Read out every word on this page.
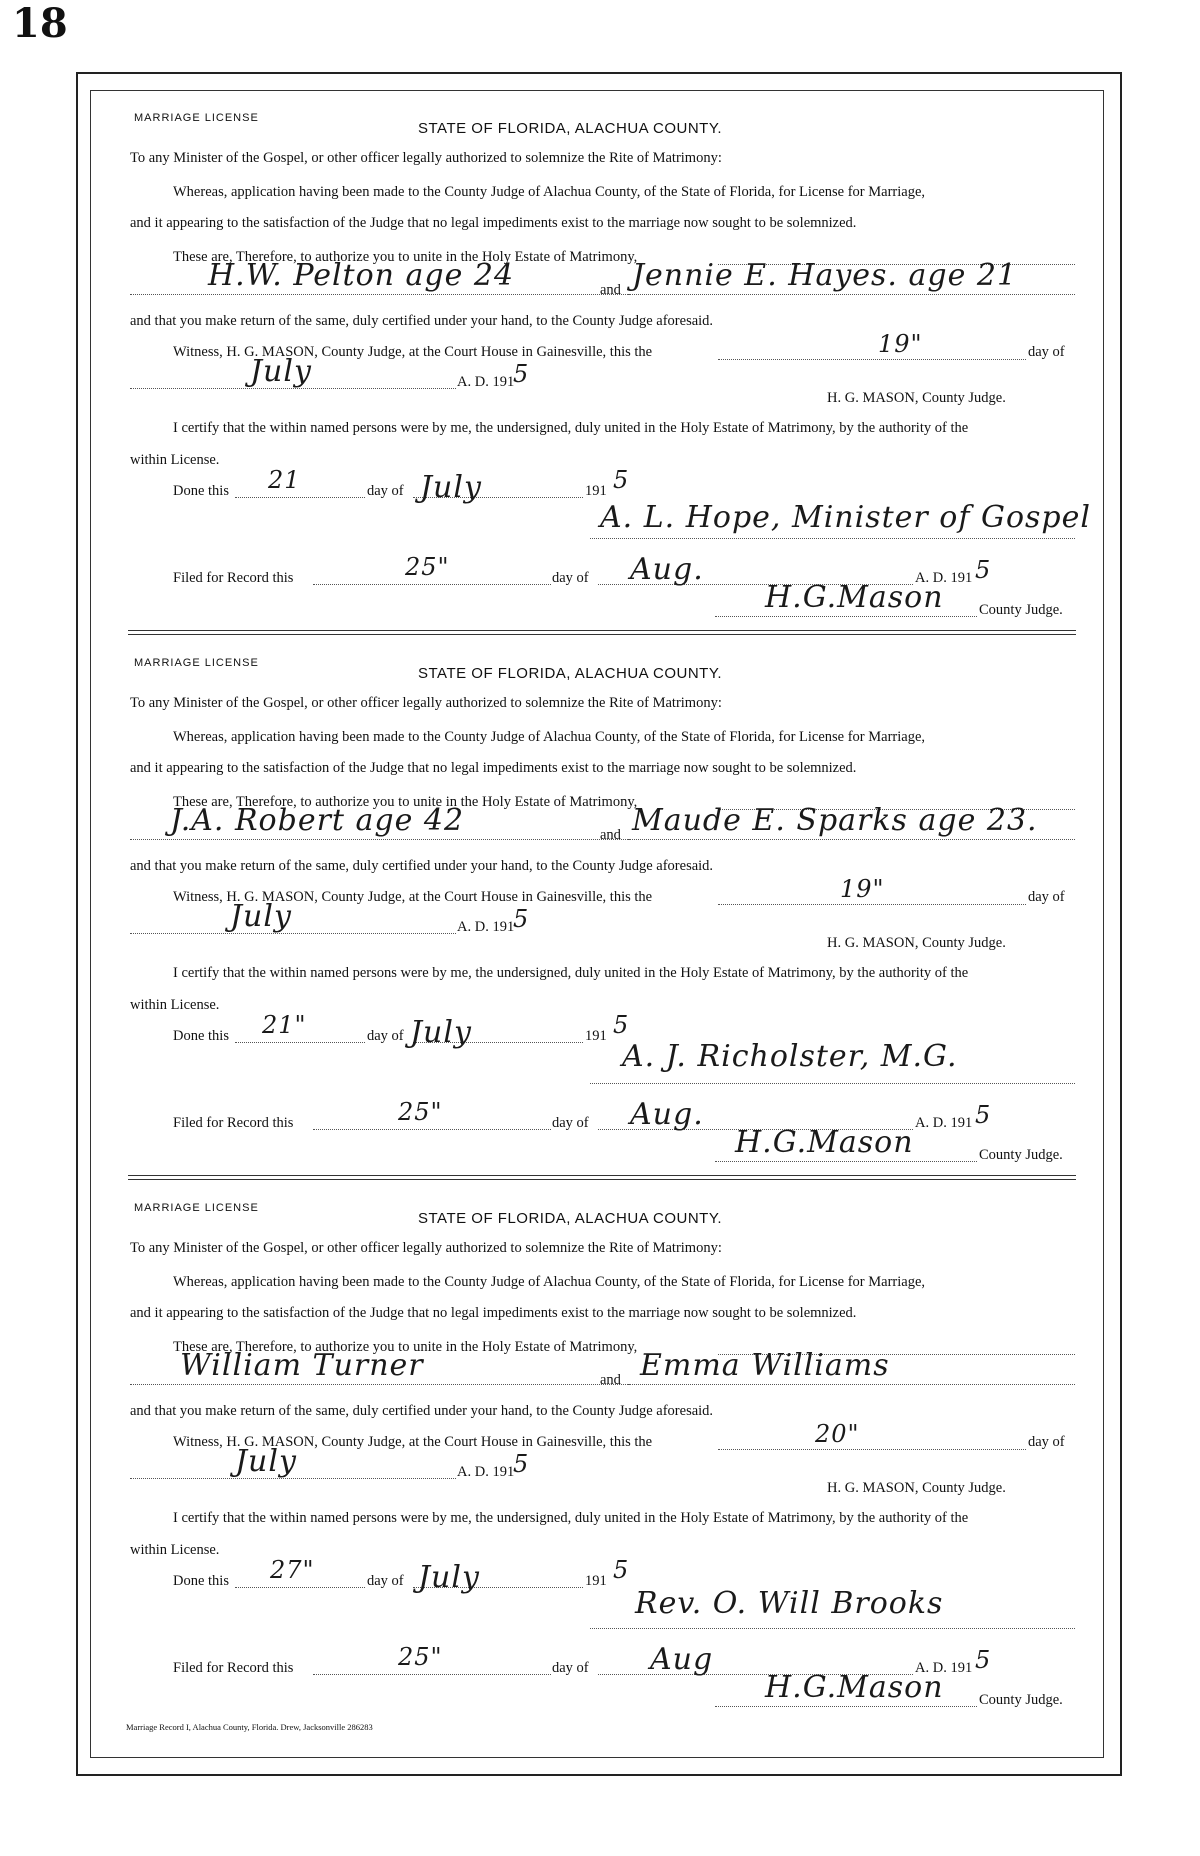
18
MARRIAGE LICENSE
STATE OF FLORIDA, ALACHUA COUNTY.
To any Minister of the Gospel, or other officer legally authorized to solemnize the Rite of Matrimony:
Whereas, application having been made to the County Judge of Alachua County, of the State of Florida, for License for Marriage,
and it appearing to the satisfaction of the Judge that no legal impediments exist to the marriage now sought to be solemnized.
These are, Therefore, to authorize you to unite in the Holy Estate of Matrimony,
H.W. Pelton age 24	and Jennie E. Hayes. age 21
and that you make return of the same, duly certified under your hand, to the County Judge aforesaid.
Witness, H. G. MASON, County Judge, at the Court House in Gainesville, this the	19"	day of
July	A. D. 191
5
H. G. MASON, County Judge.
I certify that the within named persons were by me, the undersigned, duly united in the Holy Estate of Matrimony, by the authority of the
within License.
Done this 21	day of July	191 5
A. L. Hope, Minister of Gospel
Filed for Record this	25"	day of Aug.	A. D. 191 5
H.G.Mason County Judge.
MARRIAGE LICENSE
STATE OF FLORIDA, ALACHUA COUNTY.
To any Minister of the Gospel, or other officer legally authorized to solemnize the Rite of Matrimony:
Whereas, application having been made to the County Judge of Alachua County, of the State of Florida, for License for Marriage,
and it appearing to the satisfaction of the Judge that no legal impediments exist to the marriage now sought to be solemnized.
These are, Therefore, to authorize you to unite in the Holy Estate of Matrimony,
J.A. Robert age 42	and Maude E. Sparks age 23.
and that you make return of the same, duly certified under your hand, to the County Judge aforesaid.
Witness, H. G. MASON, County Judge, at the Court House in Gainesville, this the	19"	day of
July	A. D. 191
5
H. G. MASON, County Judge.
I certify that the within named persons were by me, the undersigned, duly united in the Holy Estate of Matrimony, by the authority of the
within License.
Done this 21"	day of July	191 5
A. J. Richolster, M.G.
Filed for Record this	25"	day of Aug.	A. D. 191 5
H.G.Mason	County Judge.
MARRIAGE LICENSE
STATE OF FLORIDA, ALACHUA COUNTY.
To any Minister of the Gospel, or other officer legally authorized to solemnize the Rite of Matrimony:
Whereas, application having been made to the County Judge of Alachua County, of the State of Florida, for License for Marriage,
and it appearing to the satisfaction of the Judge that no legal impediments exist to the marriage now sought to be solemnized.
These are, Therefore, to authorize you to unite in the Holy Estate of Matrimony,
William Turner	and Emma Williams
and that you make return of the same, duly certified under your hand, to the County Judge aforesaid.
Witness, H. G. MASON, County Judge, at the Court House in Gainesville, this the	20"	day of
July	A. D. 191
5
H. G. MASON, County Judge.
I certify that the within named persons were by me, the undersigned, duly united in the Holy Estate of Matrimony, by the authority of the
within License.
Done this 27"	day of July	191 5
Rev. O. Will Brooks
Filed for Record this	25"	day of Aug	A. D. 191 5
H.G.Mason County Judge.
Marriage Record I, Alachua County, Florida. Drew, Jacksonville 286283
